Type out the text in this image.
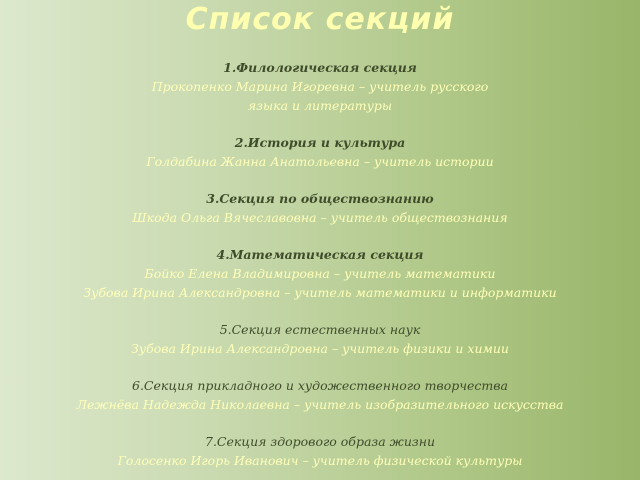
Список секций
1.Филологическая секция
Прокопенко Марина Игоревна – учитель русского
языка и литературы
2.История и культура
Голдабина Жанна Анатольевна – учитель истории
3.Секция по обществознанию
Шкода Ольга Вячеславовна – учитель обществознания
4.Математическая секция
Бойко Елена Владимировна – учитель математики
Зубова Ирина Александровна – учитель математики и информатики
5.Секция естественных наук
Зубова Ирина Александровна – учитель физики и химии
6.Секция прикладного и художественного творчества
Лежнёва Надежда Николаевна – учитель изобразительного искусства
7.Секция здорового образа жизни
Голосенко Игорь Иванович – учитель физической культуры
